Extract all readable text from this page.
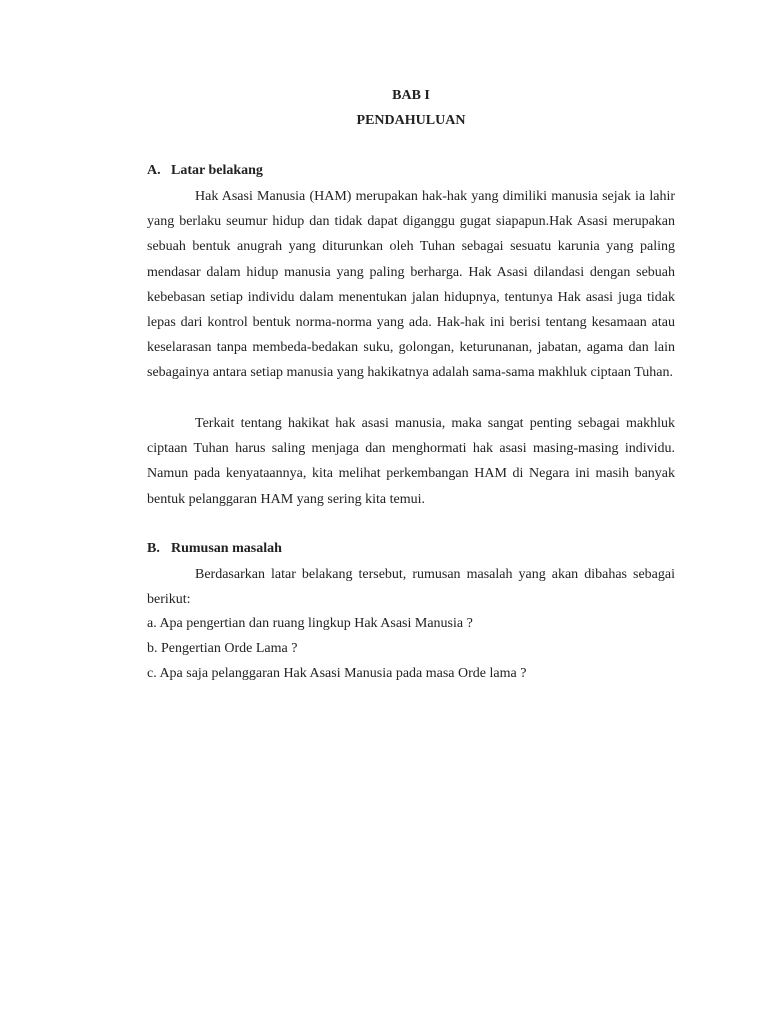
BAB I
PENDAHULUAN
A. Latar belakang

Hak Asasi Manusia (HAM) merupakan hak-hak yang dimiliki manusia sejak ia lahir yang berlaku seumur hidup dan tidak dapat diganggu gugat siapapun.Hak Asasi merupakan sebuah bentuk anugrah yang diturunkan oleh Tuhan sebagai sesuatu karunia yang paling mendasar dalam hidup manusia yang paling berharga. Hak Asasi dilandasi dengan sebuah kebebasan setiap individu dalam menentukan jalan hidupnya, tentunya Hak asasi juga tidak lepas dari kontrol bentuk norma-norma yang ada. Hak-hak ini berisi tentang kesamaan atau keselarasan tanpa membeda-bedakan suku, golongan, keturunanan, jabatan, agama dan lain sebagainya antara setiap manusia yang hakikatnya adalah sama-sama makhluk ciptaan Tuhan.

Terkait tentang hakikat hak asasi manusia, maka sangat penting sebagai makhluk ciptaan Tuhan harus saling menjaga dan menghormati hak asasi masing-masing individu. Namun pada kenyataannya, kita melihat perkembangan HAM di Negara ini masih banyak bentuk pelanggaran HAM yang sering kita temui.

B. Rumusan masalah

Berdasarkan latar belakang tersebut, rumusan masalah yang akan dibahas sebagai berikut:

a. Apa pengertian dan ruang lingkup Hak Asasi Manusia ?
b. Pengertian Orde Lama ?
c. Apa saja pelanggaran Hak Asasi Manusia pada masa Orde lama ?
